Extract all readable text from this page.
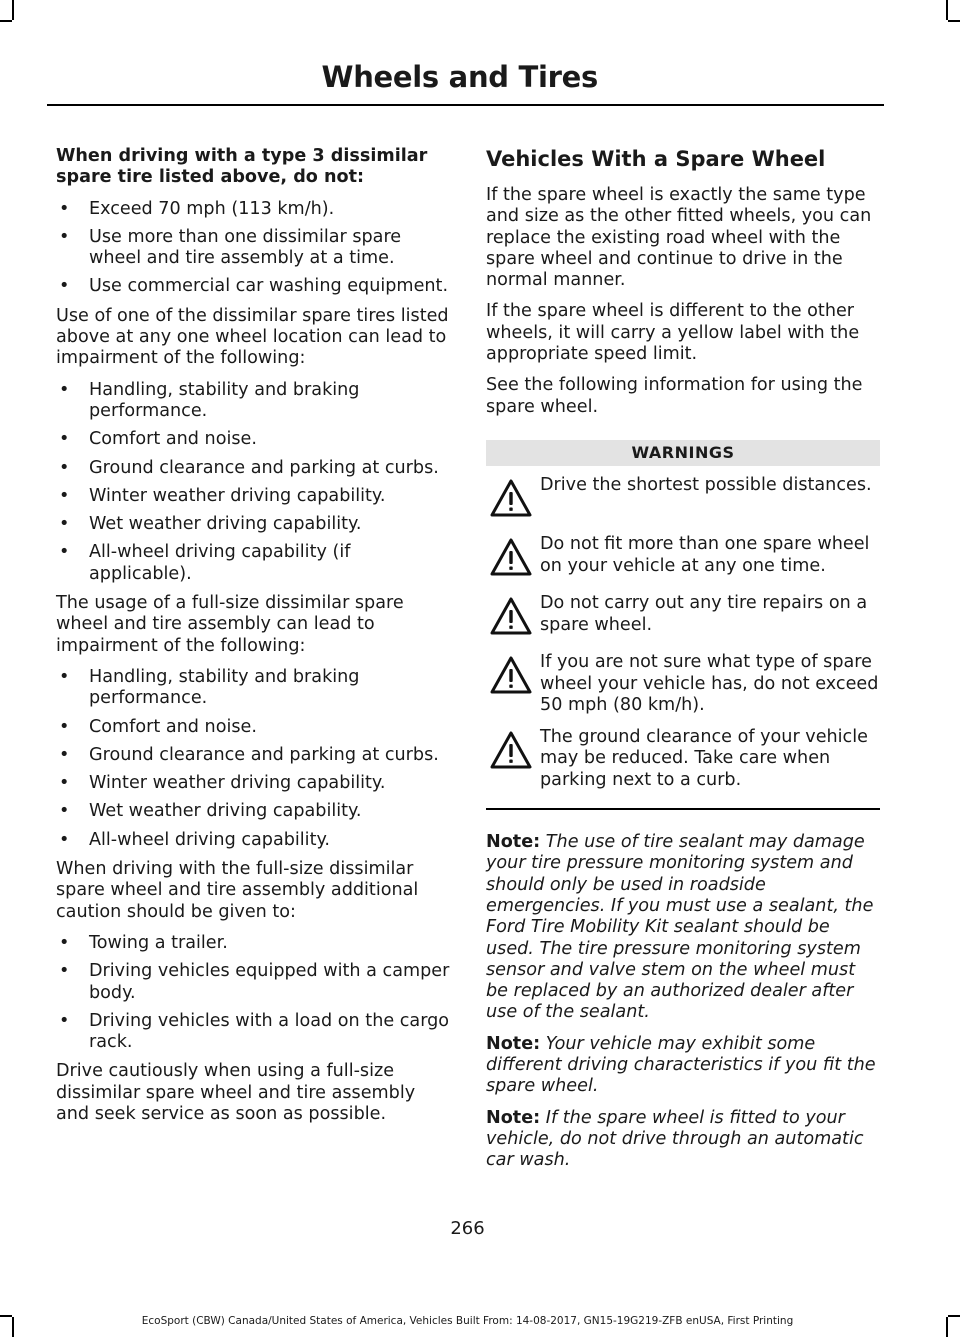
Wheels and Tires

When driving with a type 3 dissimilar spare tire listed above, do not:

• Exceed 70 mph (113 km/h).
• Use more than one dissimilar spare wheel and tire assembly at a time.
• Use commercial car washing equipment.

Use of one of the dissimilar spare tires listed above at any one wheel location can lead to impairment of the following:

• Handling, stability and braking performance.
• Comfort and noise.
• Ground clearance and parking at curbs.
• Winter weather driving capability.
• Wet weather driving capability.
• All-wheel driving capability (if applicable).

The usage of a full-size dissimilar spare wheel and tire assembly can lead to impairment of the following:

• Handling, stability and braking performance.
• Comfort and noise.
• Ground clearance and parking at curbs.
• Winter weather driving capability.
• Wet weather driving capability.
• All-wheel driving capability.

When driving with the full-size dissimilar spare wheel and tire assembly additional caution should be given to:

• Towing a trailer.
• Driving vehicles equipped with a camper body.
• Driving vehicles with a load on the cargo rack.

Drive cautiously when using a full-size dissimilar spare wheel and tire assembly and seek service as soon as possible.

Vehicles With a Spare Wheel

If the spare wheel is exactly the same type and size as the other fitted wheels, you can replace the existing road wheel with the spare wheel and continue to drive in the normal manner.

If the spare wheel is different to the other wheels, it will carry a yellow label with the appropriate speed limit.

See the following information for using the spare wheel.

WARNINGS
Drive the shortest possible distances.
Do not fit more than one spare wheel on your vehicle at any one time.
Do not carry out any tire repairs on a spare wheel.
If you are not sure what type of spare wheel your vehicle has, do not exceed 50 mph (80 km/h).
The ground clearance of your vehicle may be reduced. Take care when parking next to a curb.

Note: The use of tire sealant may damage your tire pressure monitoring system and should only be used in roadside emergencies. If you must use a sealant, the Ford Tire Mobility Kit sealant should be used. The tire pressure monitoring system sensor and valve stem on the wheel must be replaced by an authorized dealer after use of the sealant.

Note: Your vehicle may exhibit some different driving characteristics if you fit the spare wheel.

Note: If the spare wheel is fitted to your vehicle, do not drive through an automatic car wash.

266
EcoSport (CBW) Canada/United States of America, Vehicles Built From: 14-08-2017, GN15-19G219-ZFB enUSA, First Printing
